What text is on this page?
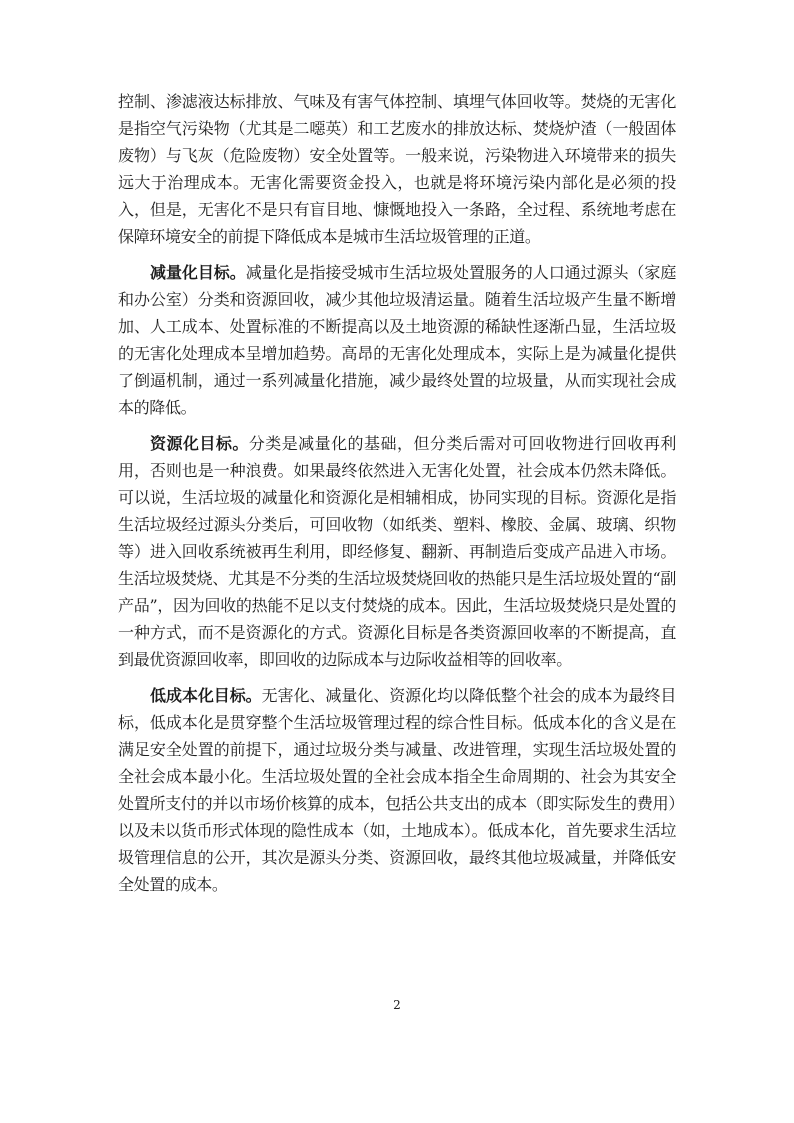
控制、渗滤液达标排放、气味及有害气体控制、填埋气体回收等。焚烧的无害化是指空气污染物（尤其是二噁英）和工艺废水的排放达标、焚烧炉渣（一般固体废物）与飞灰（危险废物）安全处置等。一般来说，污染物进入环境带来的损失远大于治理成本。无害化需要资金投入，也就是将环境污染内部化是必须的投入，但是，无害化不是只有盲目地、慷慨地投入一条路，全过程、系统地考虑在保障环境安全的前提下降低成本是城市生活垃圾管理的正道。

减量化目标。减量化是指接受城市生活垃圾处置服务的人口通过源头（家庭和办公室）分类和资源回收，减少其他垃圾清运量。随着生活垃圾产生量不断增加、人工成本、处置标准的不断提高以及土地资源的稀缺性逐渐凸显，生活垃圾的无害化处理成本呈增加趋势。高昂的无害化处理成本，实际上是为减量化提供了倒逼机制，通过一系列减量化措施，减少最终处置的垃圾量，从而实现社会成本的降低。

资源化目标。分类是减量化的基础，但分类后需对可回收物进行回收再利用，否则也是一种浪费。如果最终依然进入无害化处置，社会成本仍然未降低。可以说，生活垃圾的减量化和资源化是相辅相成，协同实现的目标。资源化是指生活垃圾经过源头分类后，可回收物（如纸类、塑料、橡胶、金属、玻璃、织物等）进入回收系统被再生利用，即经修复、翻新、再制造后变成产品进入市场。生活垃圾焚烧、尤其是不分类的生活垃圾焚烧回收的热能只是生活垃圾处置的“副产品”，因为回收的热能不足以支付焚烧的成本。因此，生活垃圾焚烧只是处置的一种方式，而不是资源化的方式。资源化目标是各类资源回收率的不断提高，直到最优资源回收率，即回收的边际成本与边际收益相等的回收率。

低成本化目标。无害化、减量化、资源化均以降低整个社会的成本为最终目标，低成本化是贯穿整个生活垃圾管理过程的综合性目标。低成本化的含义是在满足安全处置的前提下，通过垃圾分类与减量、改进管理，实现生活垃圾处置的全社会成本最小化。生活垃圾处置的全社会成本指全生命周期的、社会为其安全处置所支付的并以市场价核算的成本，包括公共支出的成本（即实际发生的费用）以及未以货币形式体现的隐性成本（如，土地成本）。低成本化，首先要求生活垃圾管理信息的公开，其次是源头分类、资源回收，最终其他垃圾减量，并降低安全处置的成本。

2
